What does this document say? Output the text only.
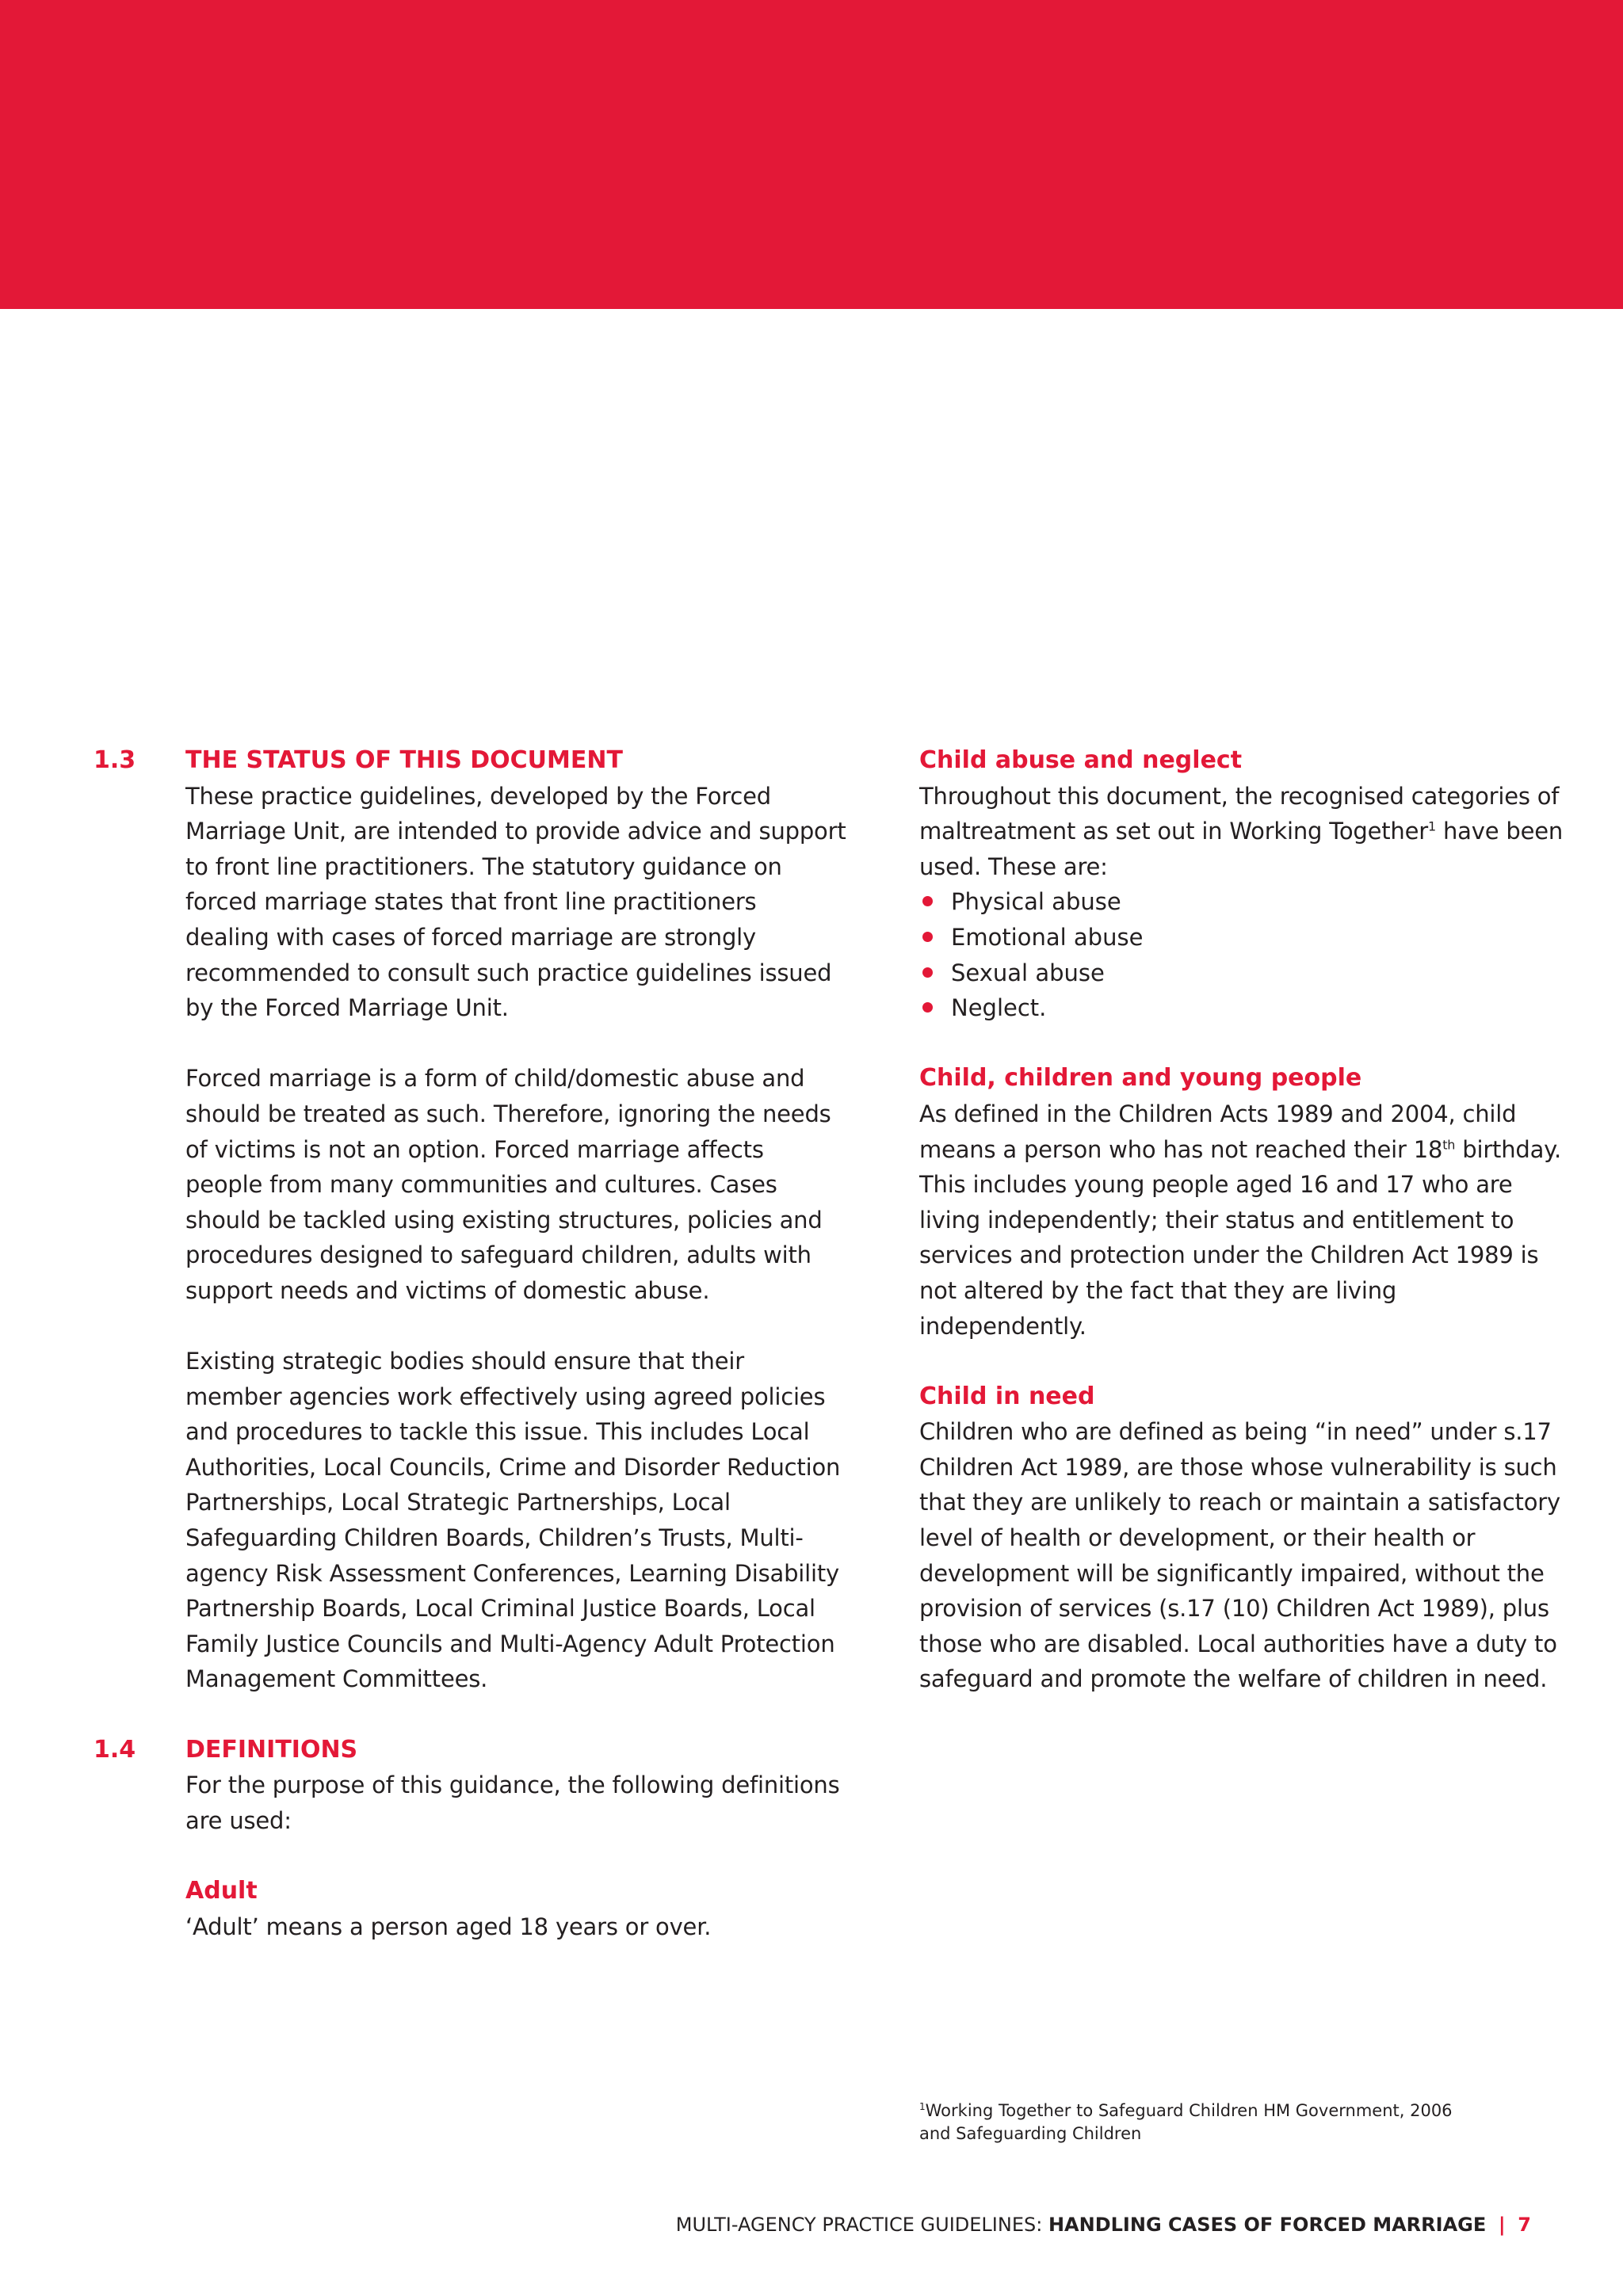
1.3	THE STATUS OF THIS DOCUMENT

These practice guidelines, developed by the Forced Marriage Unit, are intended to provide advice and support to front line practitioners. The statutory guidance on forced marriage states that front line practitioners dealing with cases of forced marriage are strongly recommended to consult such practice guidelines issued by the Forced Marriage Unit.

Forced marriage is a form of child/domestic abuse and should be treated as such. Therefore, ignoring the needs of victims is not an option. Forced marriage affects people from many communities and cultures. Cases should be tackled using existing structures, policies and procedures designed to safeguard children, adults with support needs and victims of domestic abuse.

Existing strategic bodies should ensure that their member agencies work effectively using agreed policies and procedures to tackle this issue. This includes Local Authorities, Local Councils, Crime and Disorder Reduction Partnerships, Local Strategic Partnerships, Local Safeguarding Children Boards, Children’s Trusts, Multi-agency Risk Assessment Conferences, Learning Disability Partnership Boards, Local Criminal Justice Boards, Local Family Justice Councils and Multi-Agency Adult Protection Management Committees.

1.4	DEFINITIONS

For the purpose of this guidance, the following definitions are used:

Adult

‘Adult’ means a person aged 18 years or over.

Child abuse and neglect

Throughout this document, the recognised categories of maltreatment as set out in Working Together$^1$ have been used. These are:

Physical abuse
Emotional abuse
Sexual abuse
Neglect.
Child, children and young people

As defined in the Children Acts 1989 and 2004, child means a person who has not reached their 18th birthday. This includes young people aged 16 and 17 who are living independently; their status and entitlement to services and protection under the Children Act 1989 is not altered by the fact that they are living independently.

Child in need

Children who are defined as being “in need” under s.17 Children Act 1989, are those whose vulnerability is such that they are unlikely to reach or maintain a satisfactory level of health or development, or their health or development will be significantly impaired, without the provision of services (s.17 (10) Children Act 1989), plus those who are disabled. Local authorities have a duty to safeguard and promote the welfare of children in need.

$^1$Working Together to Safeguard Children HM Government, 2006 and Safeguarding Children
MULTI-AGENCY PRACTICE GUIDELINES: HANDLING CASES OF FORCED MARRIAGE | 7
